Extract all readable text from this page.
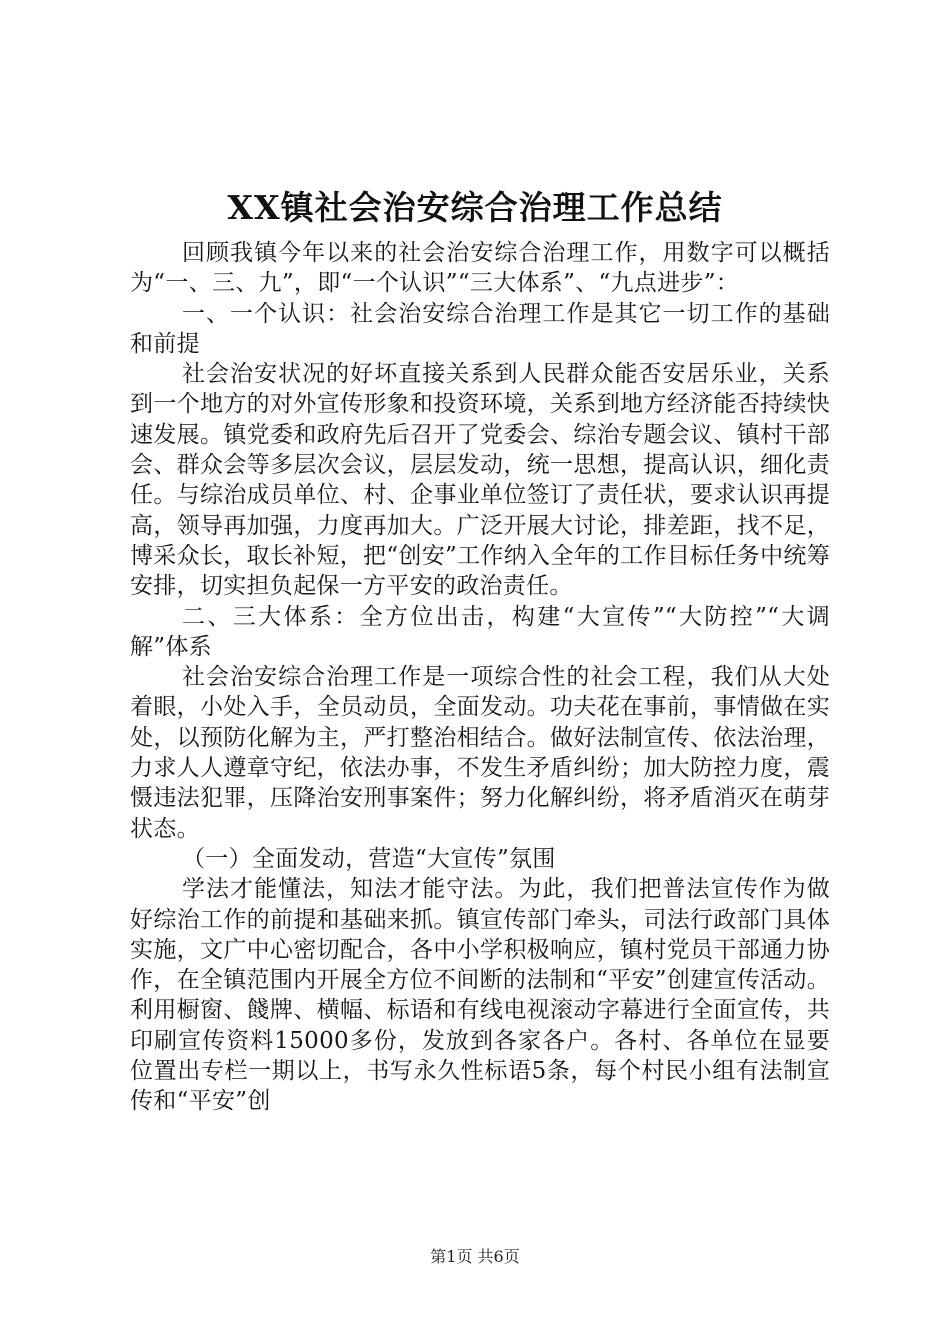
XX镇社会治安综合治理工作总结

回顾我镇今年以来的社会治安综合治理工作，用数字可以概括为“一、三、九”，即“一个认识”“三大体系”、“九点进步”：

一、一个认识：社会治安综合治理工作是其它一切工作的基础和前提

社会治安状况的好坏直接关系到人民群众能否安居乐业，关系到一个地方的对外宣传形象和投资环境，关系到地方经济能否持续快速发展。镇党委和政府先后召开了党委会、综治专题会议、镇村干部会、群众会等多层次会议，层层发动，统一思想，提高认识，细化责任。与综治成员单位、村、企事业单位签订了责任状，要求认识再提高，领导再加强，力度再加大。广泛开展大讨论，排差距，找不足，博采众长，取长补短，把“创安”工作纳入全年的工作目标任务中统筹安排，切实担负起保一方平安的政治责任。

二、三大体系：全方位出击，构建“大宣传”“大防控”“大调解”体系

社会治安综合治理工作是一项综合性的社会工程，我们从大处着眼，小处入手，全员动员，全面发动。功夫花在事前，事情做在实处，以预防化解为主，严打整治相结合。做好法制宣传、依法治理，力求人人遵章守纪，依法办事，不发生矛盾纠纷；加大防控力度，震慑违法犯罪，压降治安刑事案件；努力化解纠纷，将矛盾消灭在萌芽状态。

（一）全面发动，营造“大宣传”氛围

学法才能懂法，知法才能守法。为此，我们把普法宣传作为做好综治工作的前提和基础来抓。镇宣传部门牵头，司法行政部门具体实施，文广中心密切配合，各中小学积极响应，镇村党员干部通力协作，在全镇范围内开展全方位不间断的法制和“平安”创建宣传活动。利用橱窗、餞牌、横幅、标语和有线电视滚动字幕进行全面宣传，共印刷宣传资料15000多份，发放到各家各户。各村、各单位在显要位置出专栏一期以上，书写永久性标语5条，每个村民小组有法制宣传和“平安”创

第1页 共6页
